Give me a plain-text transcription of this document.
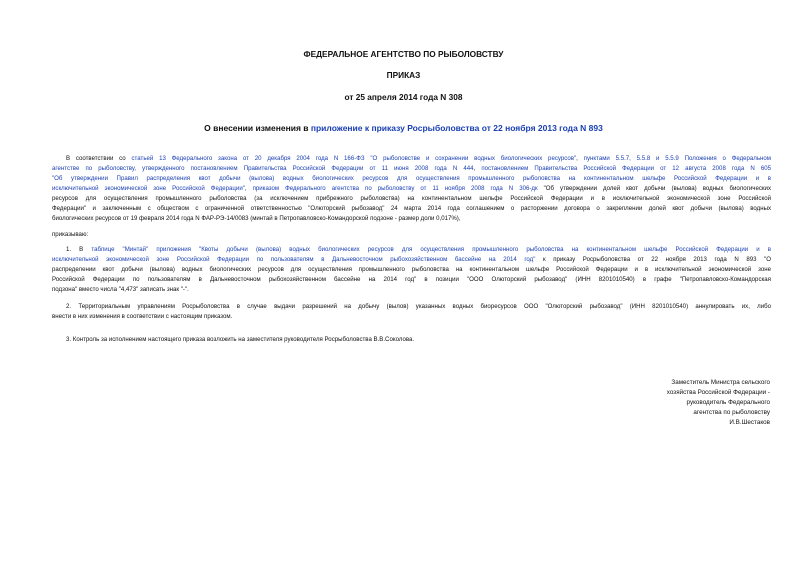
ФЕДЕРАЛЬНОЕ АГЕНТСТВО ПО РЫБОЛОВСТВУ
ПРИКАЗ
от 25 апреля 2014 года N 308
О внесении изменения в приложение к приказу Росрыболовства от 22 ноября 2013 года N 893
В соответствии со статьей 13 Федерального закона от 20 декабря 2004 года N 166-ФЗ "О рыболовстве и сохранении водных биологических ресурсов", пунктами 5.5.7, 5.5.8 и 5.5.9 Положения о Федеральном
агентстве по рыболовству, утвержденного постановлением Правительства Российской Федерации от 11 июня 2008 года N 444, постановлением Правительства Российской Федерации от 12 августа 2008 года N 605
"Об утверждении Правил распределения квот добычи (вылова) водных биологических ресурсов для осуществления промышленного рыболовства на континентальном шельфе Российской Федерации и в
исключительной экономической зоне Российской Федерации", приказом Федерального агентства по рыболовству от 11 ноября 2008 года N 306-дк "Об утверждении долей квот добычи (вылова) водных биологических
ресурсов для осуществления промышленного рыболовства (за исключением прибрежного рыболовства) на континентальном шельфе Российской Федерации и в исключительной экономической зоне Российской
Федерации" и заключенным с обществом с ограниченной ответственностью "Олюторский рыбозавод" 24 марта 2014 года соглашением о расторжении договора о закреплении долей квот добычи (вылова) водных
биологических ресурсов от 19 февраля 2014 года N ФАР-РЭ-14/0083 (минтай в Петропавловско-Командорской подзоне - размер доли 0,017%),
приказываю:
1. В таблице "Минтай" приложения "Квоты добычи (вылова) водных биологических ресурсов для осуществления промышленного рыболовства на континентальном шельфе Российской Федерации и в
исключительной экономической зоне Российской Федерации по пользователям в Дальневосточном рыбохозяйственном бассейне на 2014 год" к приказу Росрыболовства от 22 ноября 2013 года N 893 "О
распределении квот добычи (вылова) водных биологических ресурсов для осуществления промышленного рыболовства на континентальном шельфе Российской Федерации и в исключительной экономической зоне
Российской Федерации по пользователям в Дальневосточном рыбохозяйственном бассейне на 2014 год" в позиции "ООО Олюторский рыбозавод" (ИНН 8201010540) в графе "Петропавловско-Командорская
подзона" вместо числа "4,473" записать знак "-".
2. Территориальным управлениям Росрыболовства в случае выдачи разрешений на добычу (вылов) указанных водных биоресурсов ООО "Олюторский рыбозавод" (ИНН 8201010540) аннулировать их, либо
внести в них изменения в соответствии с настоящим приказом.
3. Контроль за исполнением настоящего приказа возложить на заместителя руководителя Росрыболовства В.В.Соколова.
Заместитель Министра сельского
хозяйства Российской Федерации -
руководитель Федерального
агентства по рыболовству
И.В.Шестаков
